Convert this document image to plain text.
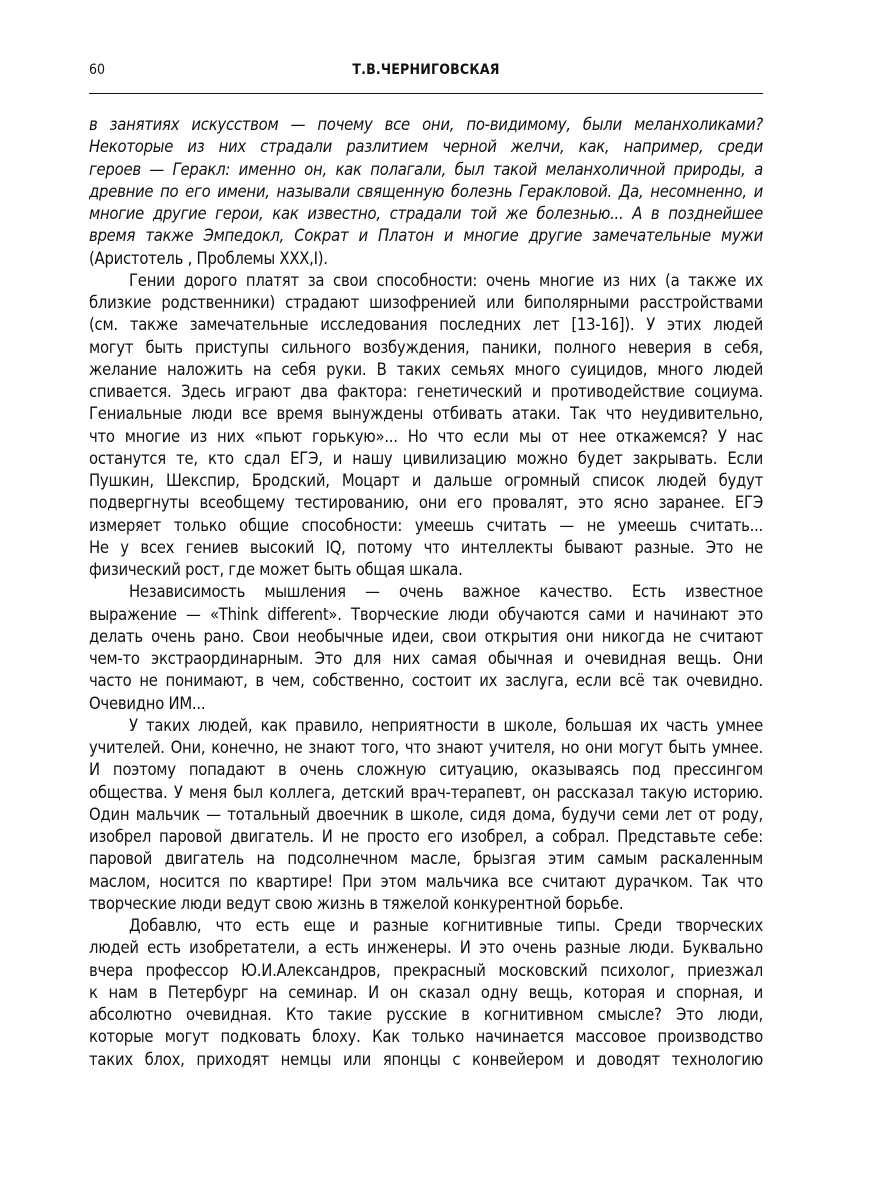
60	Т.В.ЧЕРНИГОВСКАЯ
в занятиях искусством — почему все они, по-видимому, были меланхоликами?
Некоторые из них страдали разлитием черной желчи, как, например, среди
героев — Геракл: именно он, как полагали, был такой меланхоличной природы, а
древние по его имени, называли священную болезнь Геракловой. Да, несомненно, и
многие другие герои, как известно, страдали той же болезнью... А в позднейшее
время также Эмпедокл, Сократ и Платон и многие другие замечательные мужи
(Аристотель , Проблемы XXX,I).
Гении дорого платят за свои способности: очень многие из них (а также их
близкие родственники) страдают шизофренией или биполярными расстройствами
(см. также замечательные исследования последних лет [13-16]). У этих людей
могут быть приступы сильного возбуждения, паники, полного неверия в себя,
желание наложить на себя руки. В таких семьях много суицидов, много людей
спивается. Здесь играют два фактора: генетический и противодействие социума.
Гениальные люди все время вынуждены отбивать атаки. Так что неудивительно,
что многие из них «пьют горькую»... Но что если мы от нее откажемся? У нас
останутся те, кто сдал ЕГЭ, и нашу цивилизацию можно будет закрывать. Если
Пушкин, Шекспир, Бродский, Моцарт и дальше огромный список людей будут
подвергнуты всеобщему тестированию, они его провалят, это ясно заранее. ЕГЭ
измеряет только общие способности: умеешь считать — не умеешь считать...
Не у всех гениев высокий IQ, потому что интеллекты бывают разные. Это не
физический рост, где может быть общая шкала.
Независимость мышления — очень важное качество. Есть известное
выражение — «Think different». Творческие люди обучаются сами и начинают это
делать очень рано. Свои необычные идеи, свои открытия они никогда не считают
чем-то экстраординарным. Это для них самая обычная и очевидная вещь. Они
часто не понимают, в чем, собственно, состоит их заслуга, если всё так очевидно.
Очевидно ИМ...
У таких людей, как правило, неприятности в школе, большая их часть умнее
учителей. Они, конечно, не знают того, что знают учителя, но они могут быть умнее.
И поэтому попадают в очень сложную ситуацию, оказываясь под прессингом
общества. У меня был коллега, детский врач-терапевт, он рассказал такую историю.
Один мальчик — тотальный двоечник в школе, сидя дома, будучи семи лет от роду,
изобрел паровой двигатель. И не просто его изобрел, а собрал. Представьте себе:
паровой двигатель на подсолнечном масле, брызгая этим самым раскаленным
маслом, носится по квартире! При этом мальчика все считают дурачком. Так что
творческие люди ведут свою жизнь в тяжелой конкурентной борьбе.
Добавлю, что есть еще и разные когнитивные типы. Среди творческих
людей есть изобретатели, а есть инженеры. И это очень разные люди. Буквально
вчера профессор Ю.И.Александров, прекрасный московский психолог, приезжал
к нам в Петербург на семинар. И он сказал одну вещь, которая и спорная, и
абсолютно очевидная. Кто такие русские в когнитивном смысле? Это люди,
которые могут подковать блоху. Как только начинается массовое производство
таких блох, приходят немцы или японцы с конвейером и доводят технологию
